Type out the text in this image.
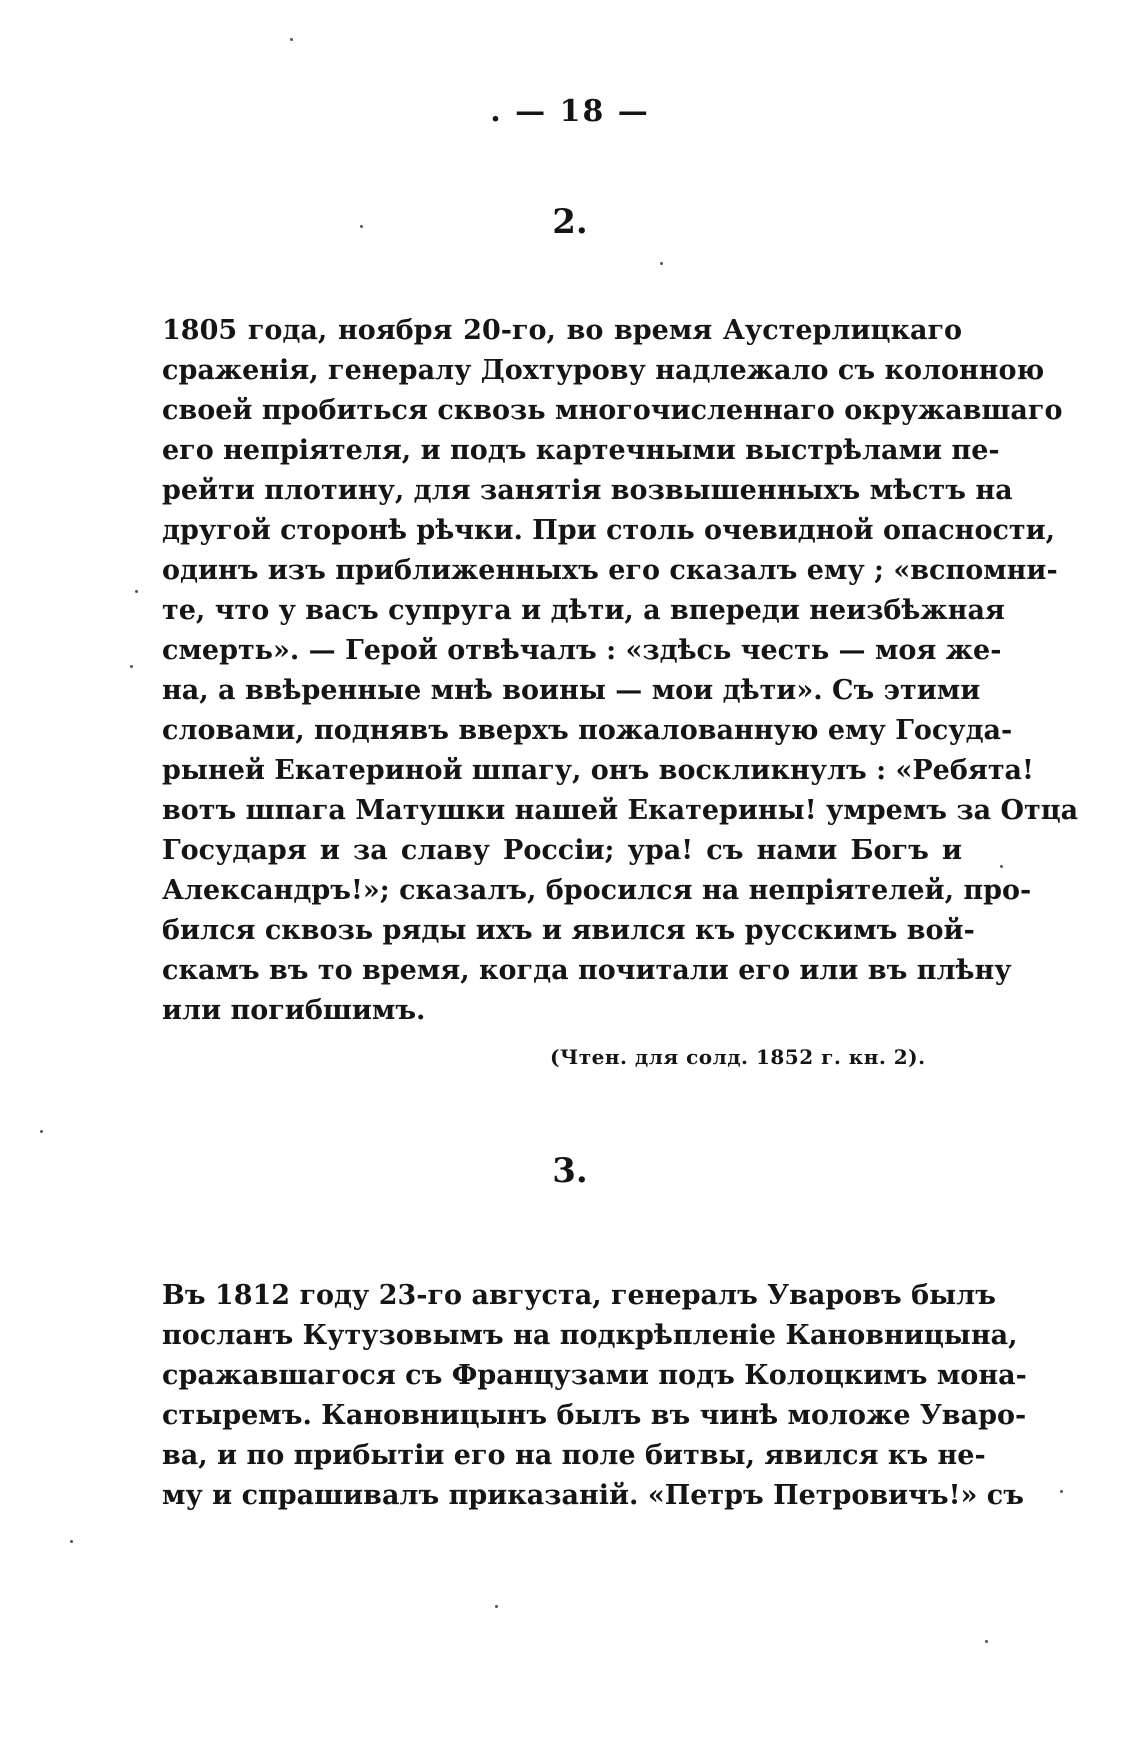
. — 18 —
2.
1805 года, ноября 20-го, во время Аустерлицкаго
сраженія, генералу Дохтурову надлежало съ колонною
своей пробиться сквозь многочисленнаго окружавшаго
его непріятеля, и подъ картечными выстрѣлами пе-
рейти плотину, для занятія возвышенныхъ мѣстъ на
другой сторонѣ рѣчки. При столь очевидной опасности,
одинъ изъ приближенныхъ его сказалъ ему ; «вспомни-
те, что у васъ супруга и дѣти, а впереди неизбѣжная
смерть». — Герой отвѣчалъ : «здѣсь честь — моя же-
на, а ввѣренные мнѣ воины — мои дѣти». Съ этими
словами, поднявъ вверхъ пожалованную ему Госуда-
рыней Екатериной шпагу, онъ воскликнулъ : «Ребята!
вотъ шпага Матушки нашей Екатерины! умремъ за Отца
Государя и за славу Россіи; ура! съ нами Богъ и
Александръ!»; сказалъ, бросился на непріятелей, про-
бился сквозь ряды ихъ и явился къ русскимъ вой-
скамъ въ то время, когда почитали его или въ плѣну
или погибшимъ.
(Чтен. для солд. 1852 г. кн. 2).
3.
Въ 1812 году 23-го августа, генералъ Уваровъ былъ
посланъ Кутузовымъ на подкрѣпленіе Кановницына,
сражавшагося съ Французами подъ Колоцкимъ мона-
стыремъ. Кановницынъ былъ въ чинѣ моложе Уваро-
ва, и по прибытіи его на поле битвы, явился къ не-
му и спрашивалъ приказаній. «Петръ Петровичъ!» съ
